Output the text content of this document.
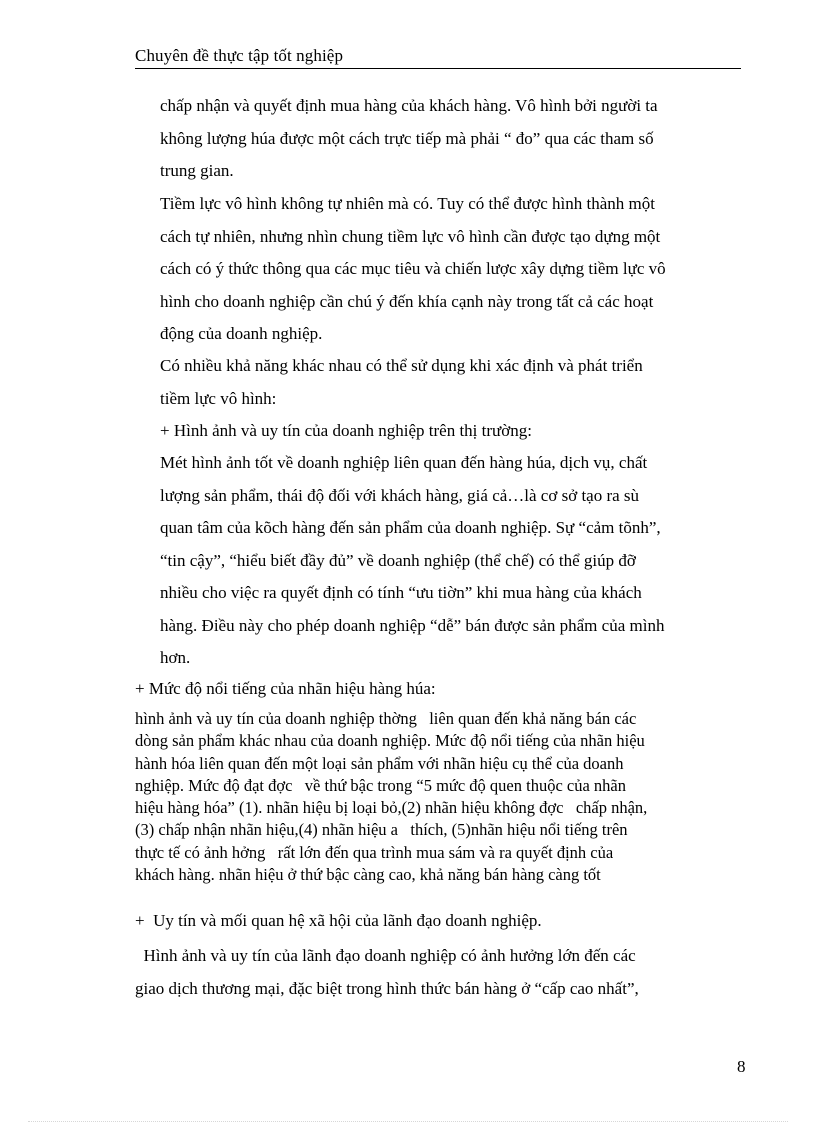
Chuyên đề thực tập tốt nghiệp
chấp nhận và quyết định mua hàng của khách hàng. Vô hình bởi người ta
không lượng húa được một cách trực tiếp mà phải “ đo” qua các tham số
trung gian.
Tiềm lực vô hình không tự nhiên mà có. Tuy có thể được hình thành một
cách tự nhiên, nhưng nhìn chung tiềm lực vô hình cần được tạo dựng một
cách có ý thức thông qua các mục tiêu và chiến lược xây dựng tiềm lực vô
hình cho doanh nghiệp cần chú ý đến khía cạnh này trong tất cả các hoạt
động của doanh nghiệp.
Có nhiều khả năng khác nhau có thể sử dụng khi xác định và phát triển
tiềm lực vô hình:
+ Hình ảnh và uy tín của doanh nghiệp trên thị trường:
Mét hình ảnh tốt về doanh nghiệp liên quan đến hàng húa, dịch vụ, chất
lượng sản phẩm, thái độ đối với khách hàng, giá cả…là cơ sở tạo ra sù
quan tâm của kõch hàng đến sản phẩm của doanh nghiệp. Sự “cảm tõnh”,
“tin cậy”, “hiểu biết đầy đủ” về doanh nghiệp (thể chế) có thể giúp đỡ
nhiều cho việc ra quyết định có tính “ưu tiờn” khi mua hàng của khách
hàng. Điều này cho phép doanh nghiệp “dễ” bán được sản phẩm của mình
hơn.
+ Mức độ nổi tiếng của nhãn hiệu hàng húa:
hình ảnh và uy tín của doanh nghiệp thờng   liên quan đến khả năng bán các
dòng sản phẩm khác nhau của doanh nghiệp. Mức độ nổi tiếng của nhãn hiệu
hành hóa liên quan đến một loại sản phẩm với nhãn hiệu cụ thể của doanh
nghiệp. Mức độ đạt đợc   về thứ bậc trong “5 mức độ quen thuộc của nhãn
hiệu hàng hóa” (1). nhãn hiệu bị loại bỏ,(2) nhãn hiệu không đợc   chấp nhận,
(3) chấp nhận nhãn hiệu,(4) nhãn hiệu a   thích, (5)nhãn hiệu nổi tiếng trên
thực tế có ảnh hởng   rất lớn đến qua trình mua sám và ra quyết định của
khách hàng. nhãn hiệu ở thứ bậc càng cao, khả năng bán hàng càng tốt
+  Uy tín và mối quan hệ xã hội của lãnh đạo doanh nghiệp.
Hình ảnh và uy tín của lãnh đạo doanh nghiệp có ảnh hưởng lớn đến các
giao dịch thương mại, đặc biệt trong hình thức bán hàng ở “cấp cao nhất”,
8
